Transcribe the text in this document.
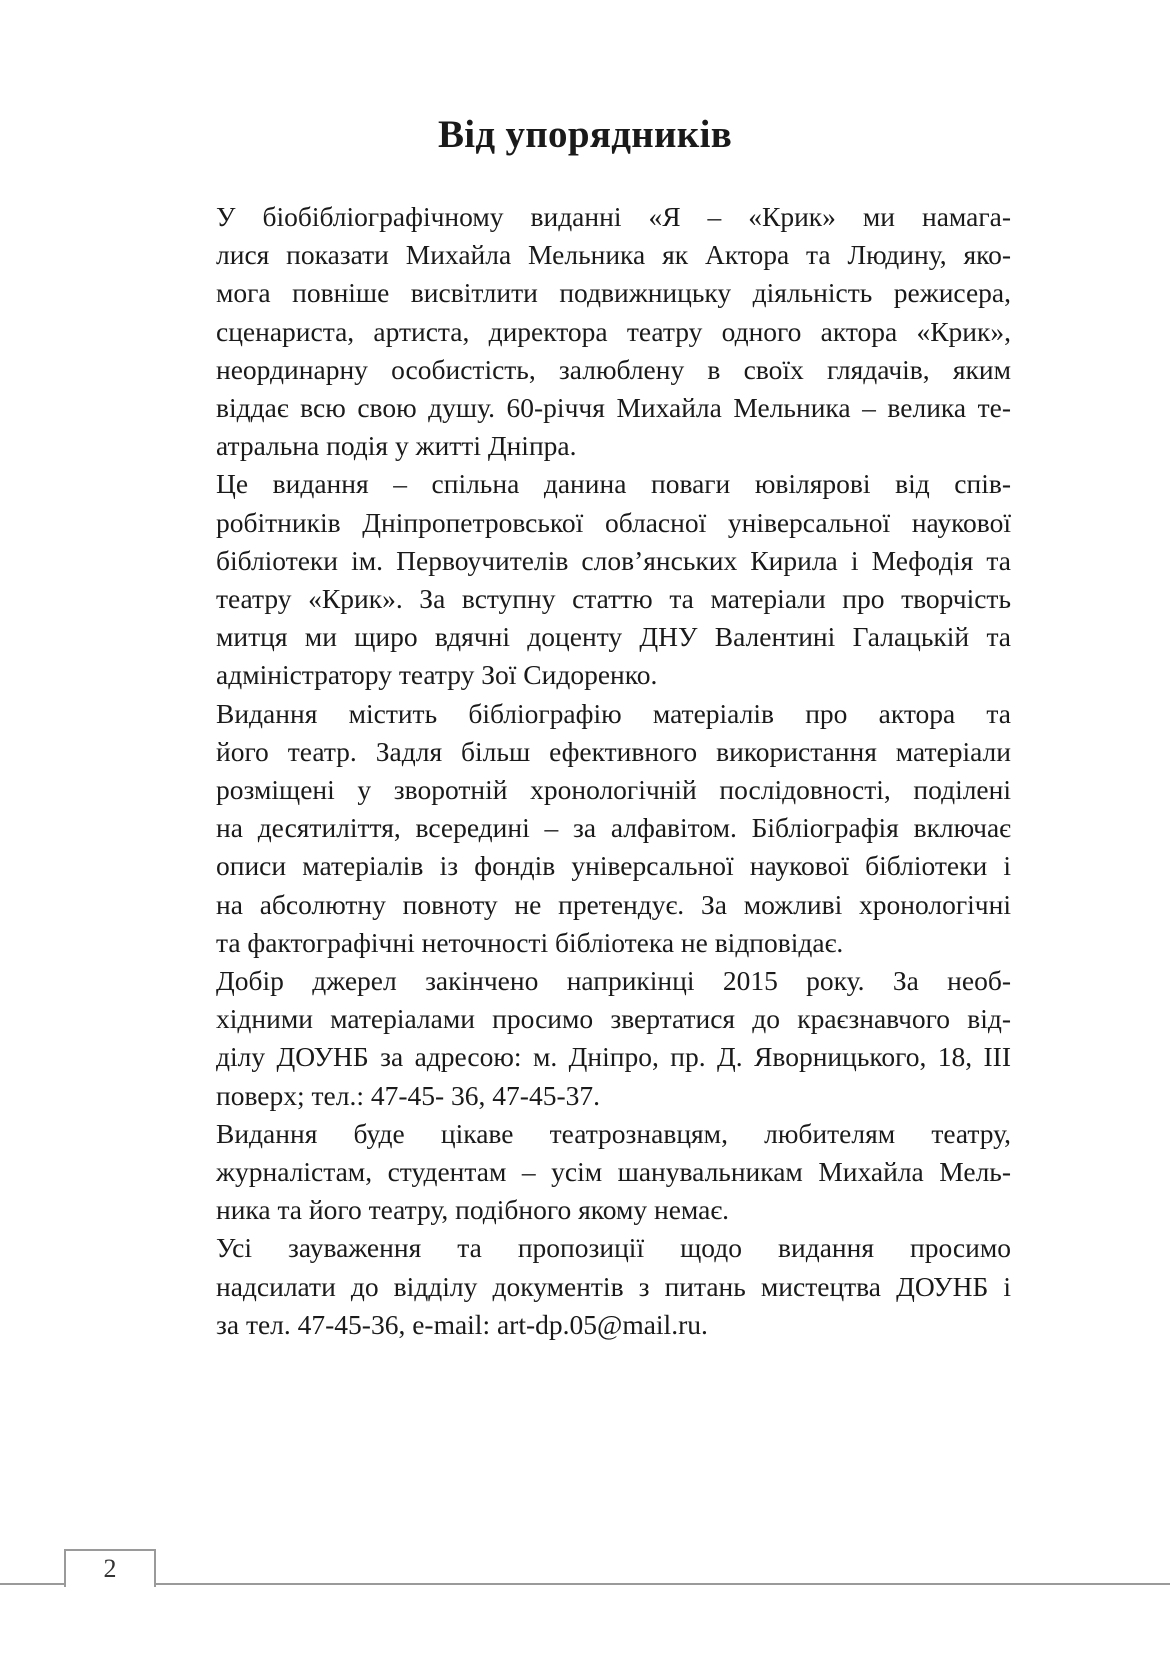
Від упорядників

У біобібліографічному виданні «Я – «Крик» ми намага-
лися показати Михайла Мельника як Актора та Людину, яко-
мога повніше висвітлити подвижницьку діяльність режисера,
сценариста, артиста, директора театру одного актора «Крик»,
неординарну особистість, залюблену в своїх глядачів, яким
віддає всю свою душу. 60-річчя Михайла Мельника – велика те-
атральна подія у житті Дніпра.

Це видання – спільна данина поваги ювілярові від спів-
робітників Дніпропетровської обласної універсальної наукової
бібліотеки ім. Первоучителів слов’янських Кирила і Мефодія та
театру «Крик». За вступну статтю та матеріали про творчість
митця ми щиро вдячні доценту ДНУ Валентині Галацькій та
адміністратору театру Зої Сидоренко.

Видання містить бібліографію матеріалів про актора та
його театр. Задля більш ефективного використання матеріали
розміщені у зворотній хронологічній послідовності, поділені
на десятиліття, всередині – за алфавітом. Бібліографія включає
описи матеріалів із фондів універсальної наукової бібліотеки і
на абсолютну повноту не претендує. За можливі хронологічні
та фактографічні неточності бібліотека не відповідає.

Добір джерел закінчено наприкінці 2015 року. За необ-
хідними матеріалами просимо звертатися до краєзнавчого від-
ділу ДОУНБ за адресою: м. Дніпро, пр. Д. Яворницького, 18, ІІІ
поверх; тел.: 47-45- 36, 47-45-37.

Видання буде цікаве театрознавцям, любителям театру,
журналістам, студентам – усім шанувальникам Михайла Мель-
ника та його театру, подібного якому немає.

Усі зауваження та пропозиції щодо видання просимо
надсилати до відділу документів з питань мистецтва ДОУНБ і
за тел. 47-45-36, e-mail: art-dp.05@mail.ru.

2
